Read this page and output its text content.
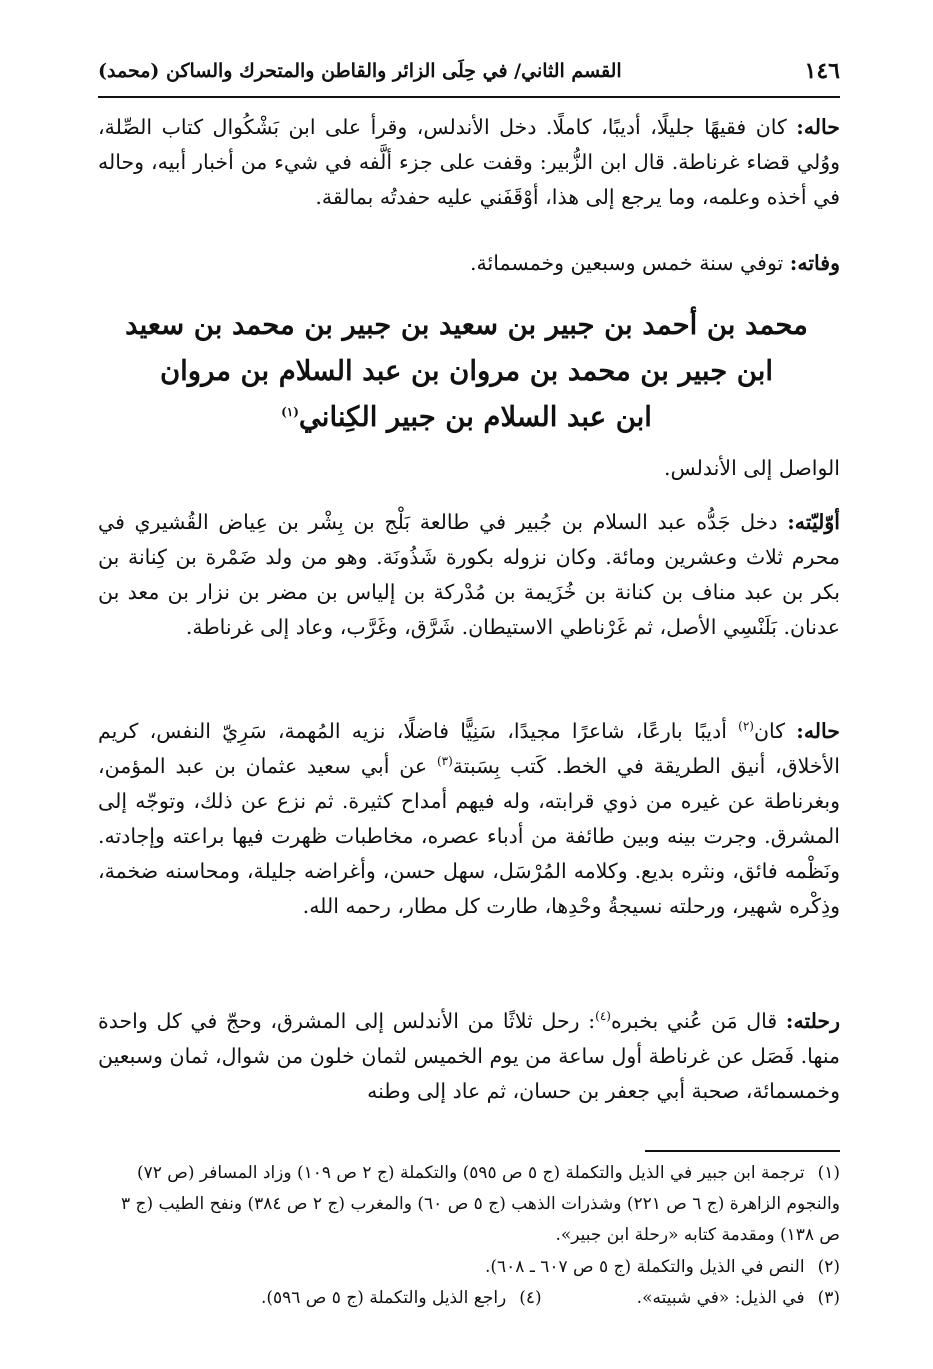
١٤٦
القسم الثاني/ في حِلَى الزائر والقاطن والمتحرك والساكن (محمد)

حاله: كان فقيهًا جليلًا، أديبًا، كاملًا. دخل الأندلس، وقرأ على ابن بَشْكُوال كتاب الصِّلة، ووُلي قضاء غرناطة. قال ابن الزُّبير: وقفت على جزء ألَّفه في شيء من أخبار أبيه، وحاله في أخذه وعلمه، وما يرجع إلى هذا، أوْقَفَني عليه حفدتُه بمالقة.

وفاته: توفي سنة خمس وسبعين وخمسمائة.

محمد بن أحمد بن جبير بن سعيد بن جبير بن محمد بن سعيد
ابن جبير بن محمد بن مروان بن عبد السلام بن مروان
ابن عبد السلام بن جبير الكِناني$^{(١)}$

الواصل إلى الأندلس.

أوّليّته: دخل جَدُّه عبد السلام بن جُبير في طالعة بَلْج بن بِشْر بن عِياض القُشيري في محرم ثلاث وعشرين ومائة. وكان نزوله بكورة شَذُونَة. وهو من ولد ضَمْرة بن كِنانة بن بكر بن عبد مناف بن كنانة بن خُزَيمة بن مُدْركة بن إلياس بن مضر بن نزار بن معد بن عدنان. بَلَنْسِي الأصل، ثم غَرْناطي الاستيطان. شَرَّق، وغَرَّب، وعاد إلى غرناطة.

حاله: كان$^{(٢)}$ أديبًا بارعًا، شاعرًا مجيدًا، سَنِيًّا فاضلًا، نزيه المُهمة، سَرِيّ النفس، كريم الأخلاق، أنيق الطريقة في الخط. كَتب بِسَبتة$^{(٣)}$ عن أبي سعيد عثمان بن عبد المؤمن، وبغرناطة عن غيره من ذوي قرابته، وله فيهم أمداح كثيرة. ثم نزع عن ذلك، وتوجّه إلى المشرق. وجرت بينه وبين طائفة من أدباء عصره، مخاطبات ظهرت فيها براعته وإجادته. ونَظْمه فائق، ونثره بديع. وكلامه المُرْسَل، سهل حسن، وأغراضه جليلة، ومحاسنه ضخمة، وذِكْره شهير، ورحلته نسيجةُ وحْدِها، طارت كل مطار، رحمه الله.

رحلته: قال مَن عُني بخبره$^{(٤)}$: رحل ثلاثًا من الأندلس إلى المشرق، وحجّ في كل واحدة منها. فَصَل عن غرناطة أول ساعة من يوم الخميس لثمان خلون من شوال، ثمان وسبعين وخمسمائة، صحبة أبي جعفر بن حسان، ثم عاد إلى وطنه

(١) ترجمة ابن جبير في الذيل والتكملة (ج ٥ ص ٥٩٥) والتكملة (ج ٢ ص ١٠٩) وزاد المسافر (ص ٧٢) والنجوم الزاهرة (ج ٦ ص ٢٢١) وشذرات الذهب (ج ٥ ص ٦٠) والمغرب (ج ٢ ص ٣٨٤) ونفح الطيب (ج ٣ ص ١٣٨) ومقدمة كتابه «رحلة ابن جبير».

(٢) النص في الذيل والتكملة (ج ٥ ص ٦٠٧ ـ ٦٠٨).

(٣) في الذيل: «في شبيته».(٤) راجع الذيل والتكملة (ج ٥ ص ٥٩٦).
